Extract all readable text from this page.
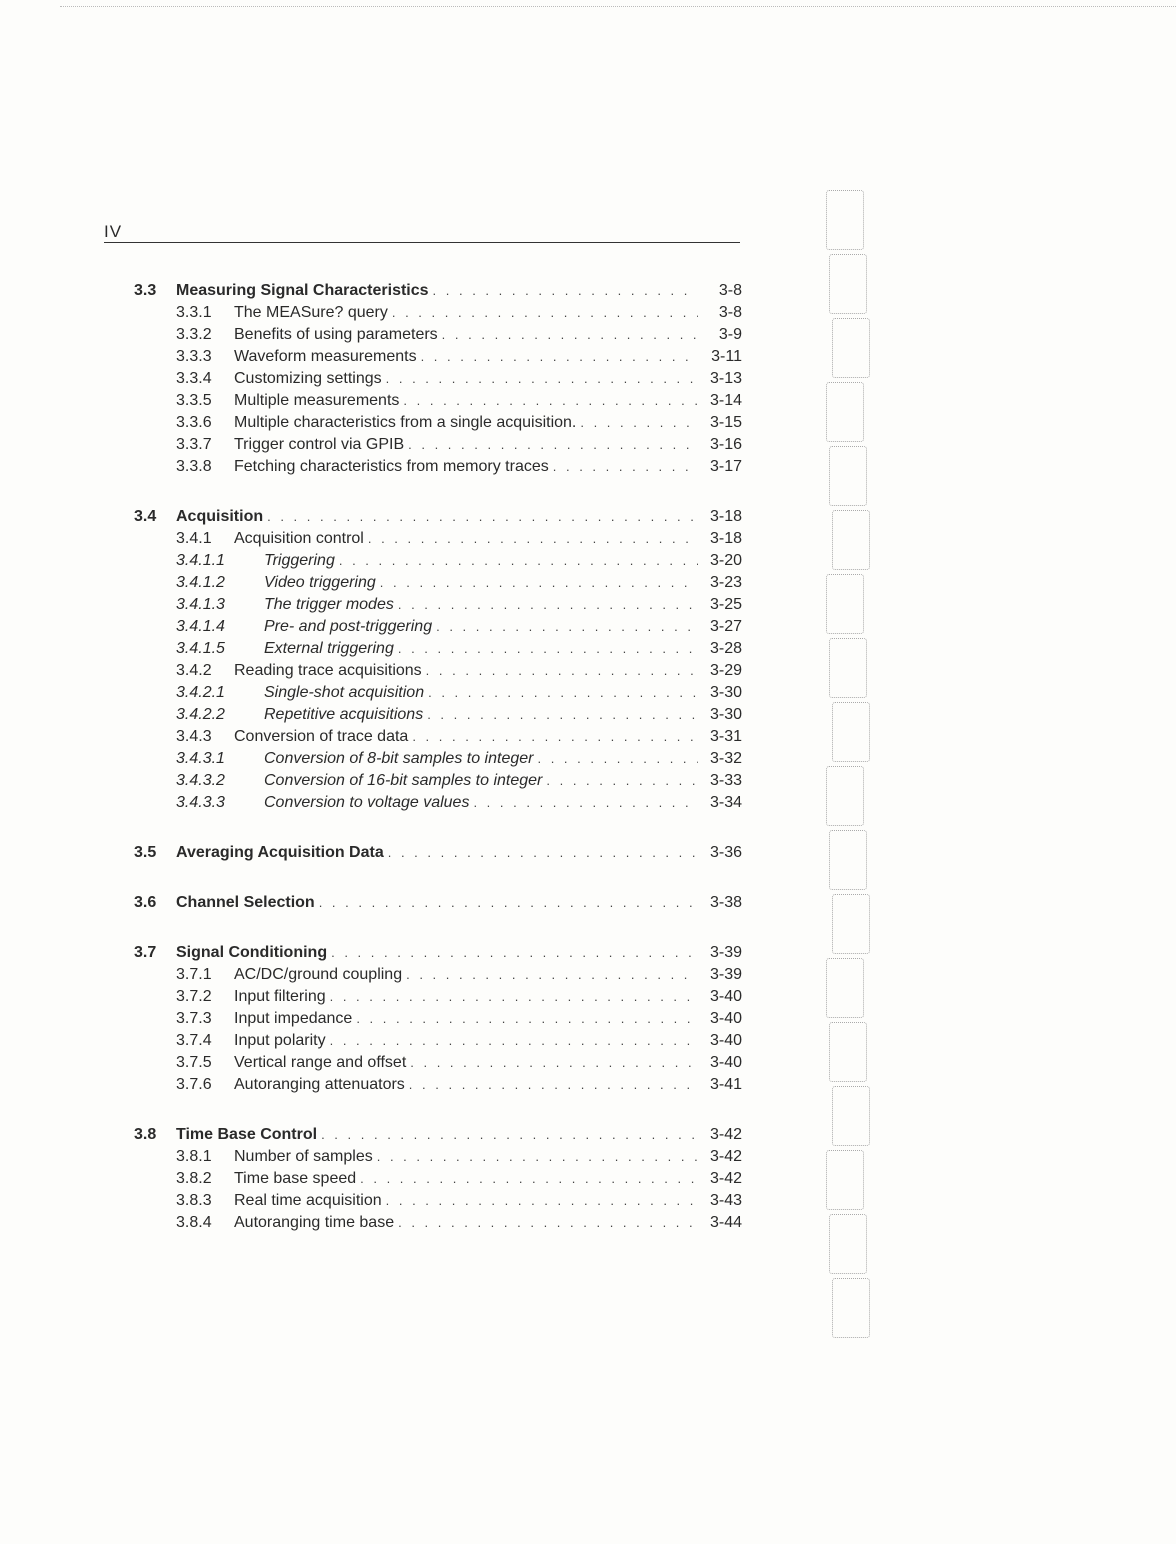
IV
3.3	Measuring Signal Characteristics . . .	3-8
3.3.1	The MEASure? query . . .	3-8
3.3.2	Benefits of using parameters . . .	3-9
3.3.3	Waveform measurements . . .	3-11
3.3.4	Customizing settings . . .	3-13
3.3.5	Multiple measurements . . .	3-14
3.3.6	Multiple characteristics from a single acquisition. . . .	3-15
3.3.7	Trigger control via GPIB . . .	3-16
3.3.8	Fetching characteristics from memory traces . . .	3-17
3.4	Acquisition . . .	3-18
3.4.1	Acquisition control . . .	3-18
3.4.1.1	Triggering . . .	3-20
3.4.1.2	Video triggering . . .	3-23
3.4.1.3	The trigger modes . . .	3-25
3.4.1.4	Pre- and post-triggering . . .	3-27
3.4.1.5	External triggering . . .	3-28
3.4.2	Reading trace acquisitions . . .	3-29
3.4.2.1	Single-shot acquisition . . .	3-30
3.4.2.2	Repetitive acquisitions . . .	3-30
3.4.3	Conversion of trace data . . .	3-31
3.4.3.1	Conversion of 8-bit samples to integer . . .	3-32
3.4.3.2	Conversion of 16-bit samples to integer . . .	3-33
3.4.3.3	Conversion to voltage values . . .	3-34
3.5	Averaging Acquisition Data . . .	3-36
3.6	Channel Selection . . .	3-38
3.7	Signal Conditioning . . .	3-39
3.7.1	AC/DC/ground coupling . . .	3-39
3.7.2	Input filtering . . .	3-40
3.7.3	Input impedance . . .	3-40
3.7.4	Input polarity . . .	3-40
3.7.5	Vertical range and offset . . .	3-40
3.7.6	Autoranging attenuators . . .	3-41
3.8	Time Base Control . . .	3-42
3.8.1	Number of samples . . .	3-42
3.8.2	Time base speed . . .	3-42
3.8.3	Real time acquisition . . .	3-43
3.8.4	Autoranging time base . . .	3-44
